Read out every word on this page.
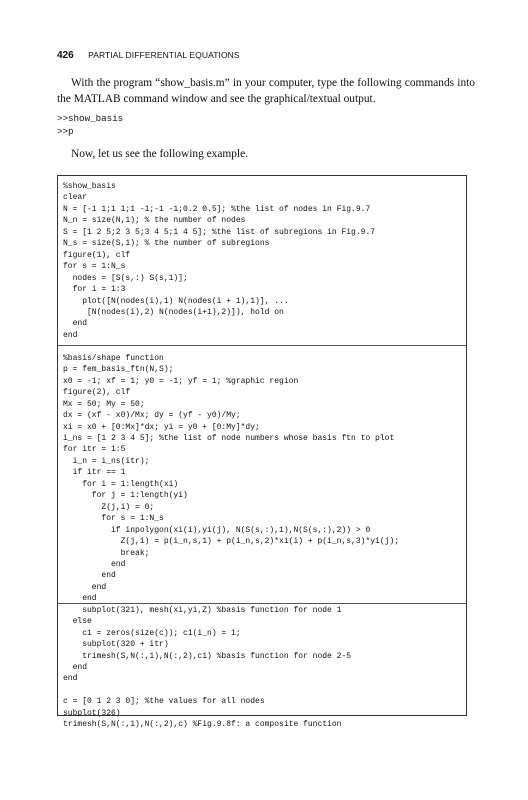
426 PARTIAL DIFFERENTIAL EQUATIONS
With the program “show_basis.m” in your computer, type the following commands into the MATLAB command window and see the graphical/textual output.
>>show_basis
>>p
Now, let us see the following example.
%show_basis
clear
N = [-1 1;1 1;1 -1;-1 -1;0.2 0.5]; %the list of nodes in Fig.9.7
N_n = size(N,1); % the number of nodes
S = [1 2 5;2 3 5;3 4 5;1 4 5]; %the list of subregions in Fig.9.7
N_s = size(S,1); % the number of subregions
figure(1), clf
for s = 1:N_s
nodes = [S(s,:) S(s,1)];
for i = 1:3
plot([N(nodes(i),1) N(nodes(i + 1),1)], ...
[N(nodes(i),2) N(nodes(i+1),2)]), hold on
end
end

%basis/shape function
p = fem_basis_ftn(N,S);
x0 = -1; xf = 1; y0 = -1; yf = 1; %graphic region
figure(2), clf
Mx = 50; My = 50;
dx = (xf - x0)/Mx; dy = (yf - y0)/My;
xi = x0 + [0:Mx]*dx; yi = y0 + [0:My]*dy;
i_ns = [1 2 3 4 5]; %the list of node numbers whose basis ftn to plot
for itr = 1:5
i_n = i_ns(itr);
if itr == 1
for i = 1:length(xi)
for j = 1:length(yi)
Z(j,i) = 0;
for s = 1:N_s
if inpolygon(xi(i),yi(j), N(S(s,:),1),N(S(s,:),2)) > 0
Z(j,i) = p(i_n,s,1) + p(i_n,s,2)*xi(i) + p(i_n,s,3)*yi(j);
break;
end
end
end
end
subplot(321), mesh(xi,yi,Z) %basis function for node 1
else
c1 = zeros(size(c)); c1(i_n) = 1;
subplot(320 + itr)
trimesh(S,N(:,1),N(:,2),c1) %basis function for node 2-5
end
end

c = [0 1 2 3 0]; %the values for all nodes
subplot(326)
trimesh(S,N(:,1),N(:,2),c) %Fig.9.8f: a composite function
